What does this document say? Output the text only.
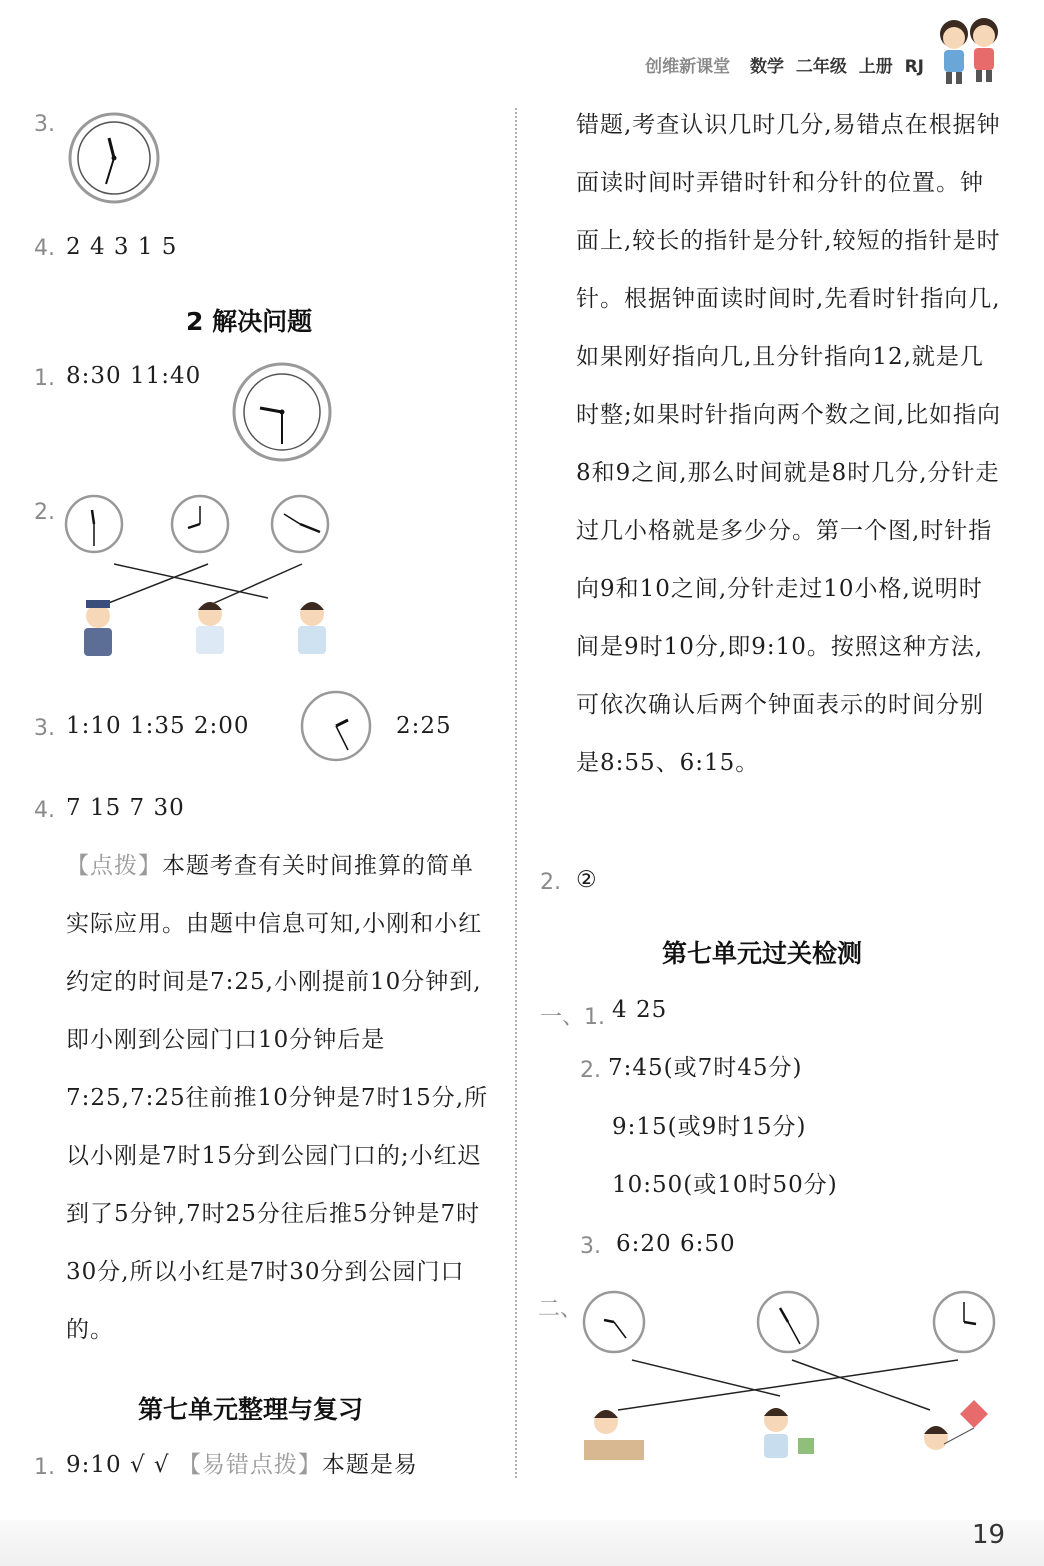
创维新课堂 数学 二年级 上册 RJ
3.
4. 2 4 3 1 5
2 解决问题
1. 8:30 11:40
2.
3. 1:10 1:35 2:00	2:25
4. 7 15 7 30
【点拨】本题考查有关时间推算的简单实际应用。由题中信息可知,小刚和小红约定的时间是7:25,小刚提前10分钟到,即小刚到公园门口10分钟后是7:25,7:25往前推10分钟是7时15分,所以小刚是7时15分到公园门口的;小红迟到了5分钟,7时25分往后推5分钟是7时30分,所以小红是7时30分到公园门口的。
第七单元整理与复习
1. 9:10 √ √ 【易错点拨】本题是易
错题,考查认识几时几分,易错点在根据钟面读时间时弄错时针和分针的位置。钟面上,较长的指针是分针,较短的指针是时针。根据钟面读时间时,先看时针指向几,如果刚好指向几,且分针指向12,就是几时整;如果时针指向两个数之间,比如指向8和9之间,那么时间就是8时几分,分针走过几小格就是多少分。第一个图,时针指向9和10之间,分针走过10小格,说明时间是9时10分,即9:10。按照这种方法,可依次确认后两个钟面表示的时间分别是8:55、6:15。
2. ②
第七单元过关检测
一、1. 4 25
2. 7:45(或7时45分)
9:15(或9时15分)
10:50(或10时50分)
3. 6:20 6:50
二、
19
